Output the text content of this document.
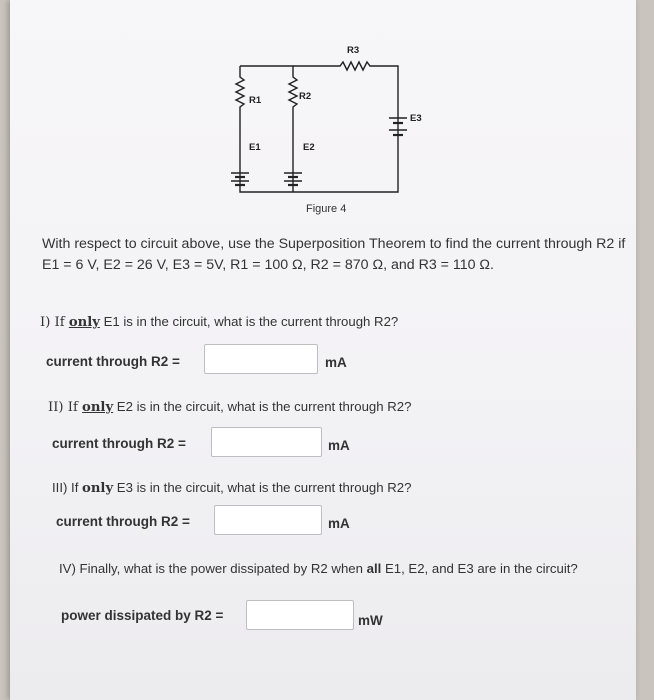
R1	R2
R3
E1	E2
E3
Figure 4
With respect to circuit above, use the Superposition Theorem to find the current through R2 if E1 = 6 V, E2 = 26 V, E3 = 5V, R1 = 100 Ω, R2 = 870 Ω, and R3 = 110 Ω.
I) If only E1 is in the circuit, what is the current through R2?
current through R2 =	mA
II) If only E2 is in the circuit, what is the current through R2?
current through R2 =	mA
III) If only E3 is in the circuit, what is the current through R2?
current through R2 =	mA
IV) Finally, what is the power dissipated by R2 when all E1, E2, and E3 are in the circuit?
power dissipated by R2 =	mW
